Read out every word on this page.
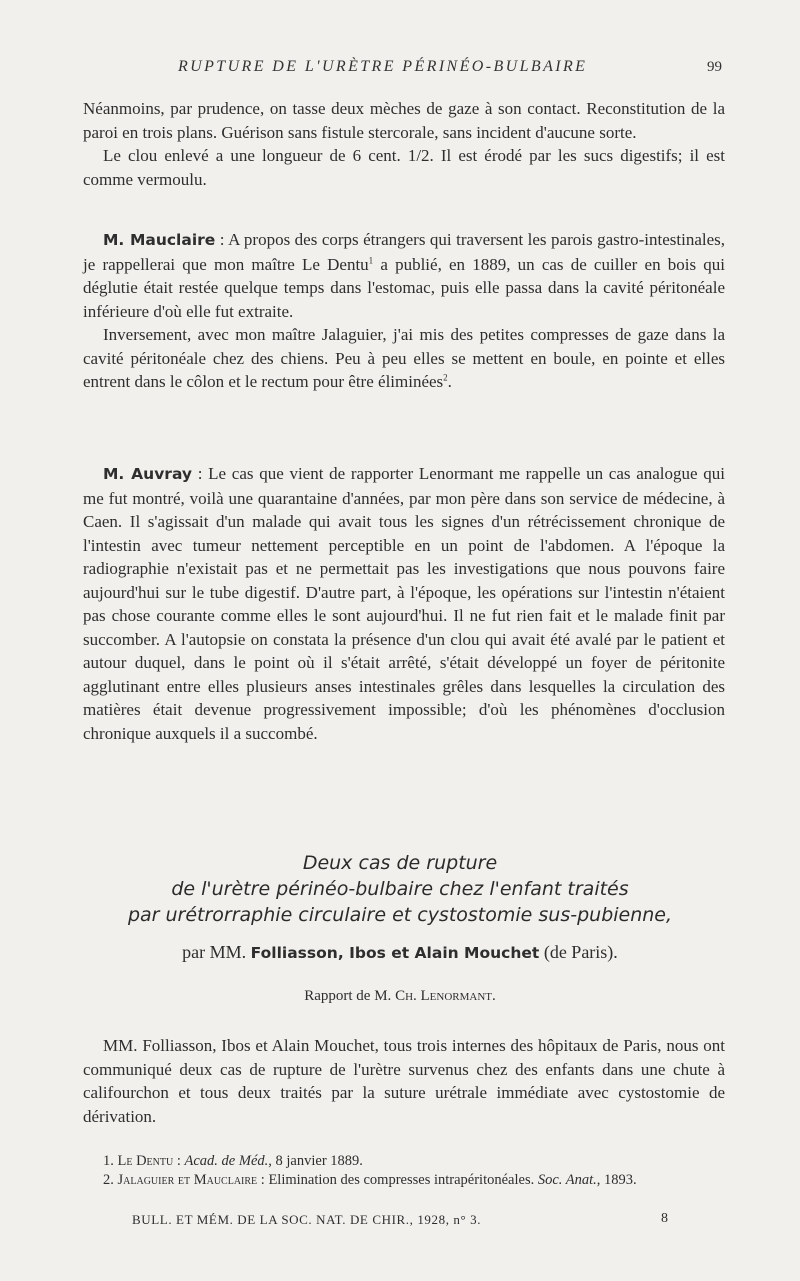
RUPTURE DE L'URÈTRE PÉRINÉO-BULBAIRE	99

Néanmoins, par prudence, on tasse deux mèches de gaze à son contact. Reconstitution de la paroi en trois plans. Guérison sans fistule stercorale, sans incident d'aucune sorte.

Le clou enlevé a une longueur de 6 cent. 1/2. Il est érodé par les sucs digestifs; il est comme vermoulu.

M. Mauclaire : A propos des corps étrangers qui traversent les parois gastro-intestinales, je rappellerai que mon maître Le Dentu$^1$ a publié, en 1889, un cas de cuiller en bois qui déglutie était restée quelque temps dans l'estomac, puis elle passa dans la cavité péritonéale inférieure d'où elle fut extraite.

Inversement, avec mon maître Jalaguier, j'ai mis des petites compresses de gaze dans la cavité péritonéale chez des chiens. Peu à peu elles se mettent en boule, en pointe et elles entrent dans le côlon et le rectum pour être éliminées$^2$.

M. Auvray : Le cas que vient de rapporter Lenormant me rappelle un cas analogue qui me fut montré, voilà une quarantaine d'années, par mon père dans son service de médecine, à Caen. Il s'agissait d'un malade qui avait tous les signes d'un rétrécissement chronique de l'intestin avec tumeur nettement perceptible en un point de l'abdomen. A l'époque la radiographie n'existait pas et ne permettait pas les investigations que nous pouvons faire aujourd'hui sur le tube digestif. D'autre part, à l'époque, les opérations sur l'intestin n'étaient pas chose courante comme elles le sont aujourd'hui. Il ne fut rien fait et le malade finit par succomber. A l'autopsie on constata la présence d'un clou qui avait été avalé par le patient et autour duquel, dans le point où il s'était arrêté, s'était développé un foyer de péritonite agglutinant entre elles plusieurs anses intestinales grêles dans lesquelles la circulation des matières était devenue progressivement impossible; d'où les phénomènes d'occlusion chronique auxquels il a succombé.

Deux cas de rupture
de l'urètre périnéo-bulbaire chez l'enfant traités
par urétrorraphie circulaire et cystostomie sus-pubienne,
par MM. Folliasson, Ibos et Alain Mouchet (de Paris).
Rapport de M. Ch. Lenormant.

MM. Folliasson, Ibos et Alain Mouchet, tous trois internes des hôpitaux de Paris, nous ont communiqué deux cas de rupture de l'urètre survenus chez des enfants dans une chute à califourchon et tous deux traités par la suture urétrale immédiate avec cystostomie de dérivation.

1. Le Dentu : Acad. de Méd., 8 janvier 1889.

2. Jalaguier et Mauclaire : Elimination des compresses intrapéritonéales. Soc. Anat., 1893.

BULL. ET MÉM. DE LA SOC. NAT. DE CHIR., 1928, n° 3.	8
